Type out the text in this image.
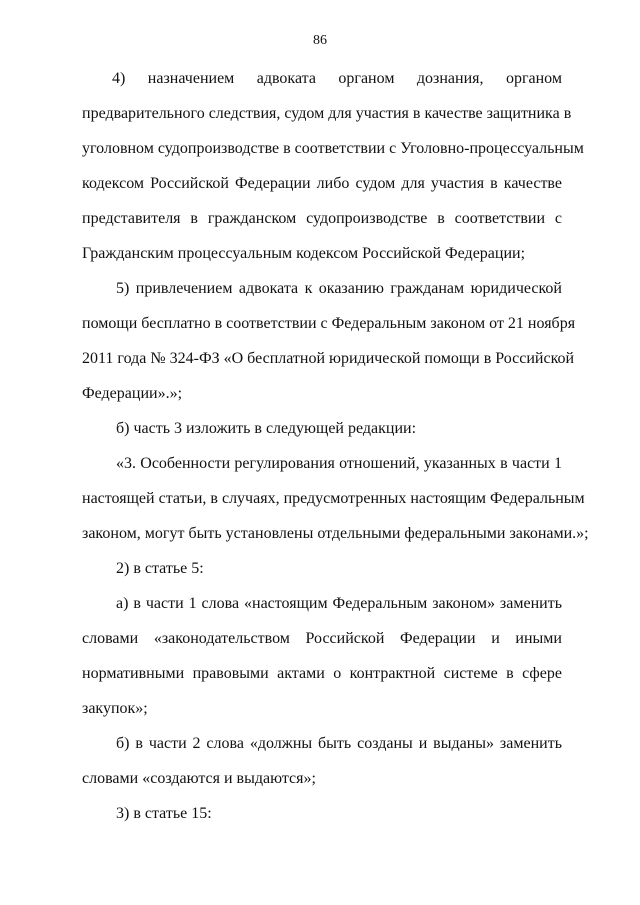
86
4) назначением адвоката органом дознания, органом
предварительного следствия, судом для участия в качестве защитника в
уголовном судопроизводстве в соответствии с Уголовно-процессуальным
кодексом Российской Федерации либо судом для участия в качестве
представителя в гражданском судопроизводстве в соответствии с
Гражданским процессуальным кодексом Российской Федерации;
5) привлечением адвоката к оказанию гражданам юридической
помощи бесплатно в соответствии с Федеральным законом от 21 ноября
2011 года № 324-ФЗ «О бесплатной юридической помощи в Российской
Федерации».»;
б) часть 3 изложить в следующей редакции:
«3. Особенности регулирования отношений, указанных в части 1
настоящей статьи, в случаях, предусмотренных настоящим Федеральным
законом, могут быть установлены отдельными федеральными законами.»;
2) в статье 5:
а) в части 1 слова «настоящим Федеральным законом» заменить
словами «законодательством Российской Федерации и иными
нормативными правовыми актами о контрактной системе в сфере
закупок»;
б) в части 2 слова «должны быть созданы и выданы» заменить
словами «создаются и выдаются»;
3) в статье 15:
